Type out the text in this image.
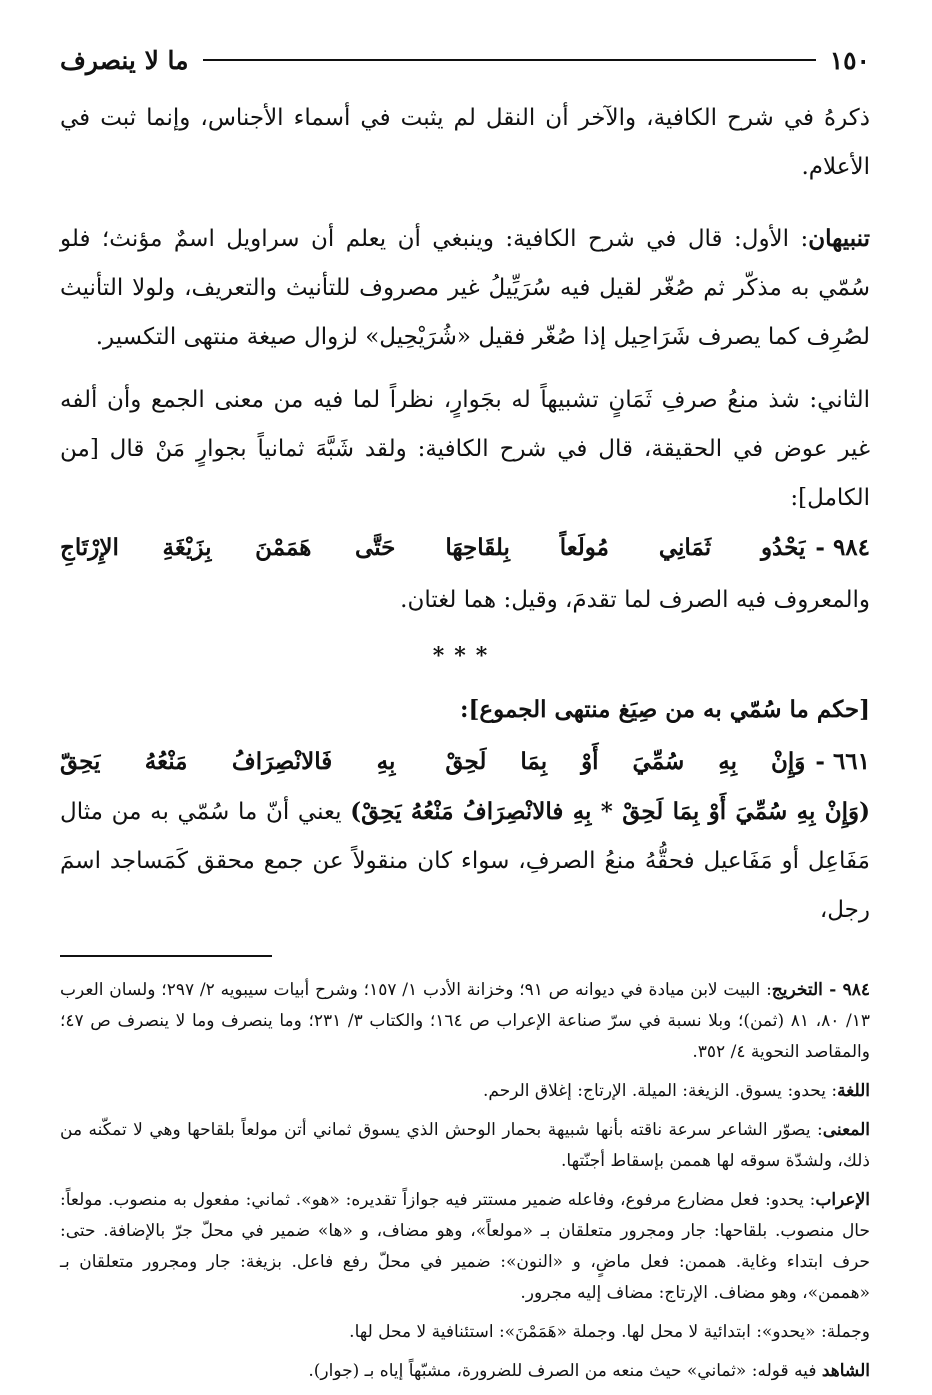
١٥٠
ما لا ينصرف

ذكرهُ في شرح الكافية، والآخر أن النقل لم يثبت في أسماء الأجناس، وإنما ثبت في الأعلام.

تنبيهان: الأول: قال في شرح الكافية: وينبغي أن يعلم أن سراويل اسمٌ مؤنث؛ فلو سُمّي به مذكّر ثم صُغّر لقيل فيه سُرَيِّيلُ غير مصروف للتأنيث والتعريف، ولولا التأنيث لصُرِف كما يصرف شَرَاحِيل إذا صُغّر فقيل «شُرَيْحِيل» لزوال صيغة منتهى التكسير.

الثاني: شذ منعُ صرفِ ثَمَانٍ تشبيهاً له بجَوارٍ، نظراً لما فيه من معنى الجمع وأن ألفه غير عوض في الحقيقة، قال في شرح الكافية: ولقد شَبَّهَ ثمانياً بجوارٍ مَنْ قال [من الكامل]:

٩٨٤ -
يَحْدُو ثَمَانِي مُولَعاً بِلقَاحِهَا
حَتَّى هَمَمْنَ بِزَيْغَةِ الإِرْتَاجِ

والمعروف فيه الصرف لما تقدمَ، وقيل: هما لغتان.

***
[حكم ما سُمّي به من صِيَغ منتهى الجموع]:
٦٦١ -
وَإِنْ بِهِ سُمِّيَ أَوْ بِمَا لَحِقْ
بِهِ فَالانْصِرَافُ مَنْعُهُ يَحِقّ

(وَإِنْ بِهِ سُمِّيَ أَوْ بِمَا لَحِقْ * بِهِ فالانْصِرَافُ مَنْعُهُ يَحِقْ) يعني أنّ ما سُمّي به من مثال مَفَاعِل أو مَفَاعيل فحقُّهُ منعُ الصرفِ، سواء كان منقولاً عن جمع محقق كَمَساجد اسمَ رجل،

٩٨٤ - التخريج: البيت لابن ميادة في ديوانه ص ٩١؛ وخزانة الأدب ١/ ١٥٧؛ وشرح أبيات سيبويه ٢/ ٢٩٧؛ ولسان العرب ١٣/ ٨٠، ٨١ (ثمن)؛ وبلا نسبة في سرّ صناعة الإعراب ص ١٦٤؛ والكتاب ٣/ ٢٣١؛ وما ينصرف وما لا ينصرف ص ٤٧؛ والمقاصد النحوية ٤/ ٣٥٢.

اللغة: يحدو: يسوق. الزيغة: الميلة. الإرتاج: إغلاق الرحم.

المعنى: يصوّر الشاعر سرعة ناقته بأنها شبيهة بحمار الوحش الذي يسوق ثماني أتن مولعاً بلقاحها وهي لا تمكّنه من ذلك، ولشدّة سوقه لها هممن بإسقاط أجنّتها.

الإعراب: يحدو: فعل مضارع مرفوع، وفاعله ضمير مستتر فيه جوازاً تقديره: «هو». ثماني: مفعول به منصوب. مولعاً: حال منصوب. بلقاحها: جار ومجرور متعلقان بـ «مولعاً»، وهو مضاف، و «ها» ضمير في محلّ جرّ بالإضافة. حتى: حرف ابتداء وغاية. هممن: فعل ماضٍ، و «النون»: ضمير في محلّ رفع فاعل. بزيغة: جار ومجرور متعلقان بـ «هممن»، وهو مضاف. الإرتاج: مضاف إليه مجرور.

وجملة: «يحدو»: ابتدائية لا محل لها. وجملة «هَمَمْنَ»: استئنافية لا محل لها.

الشاهد فيه قوله: «ثماني» حيث منعه من الصرف للضرورة، مشبّهاً إياه بـ (جوار).
